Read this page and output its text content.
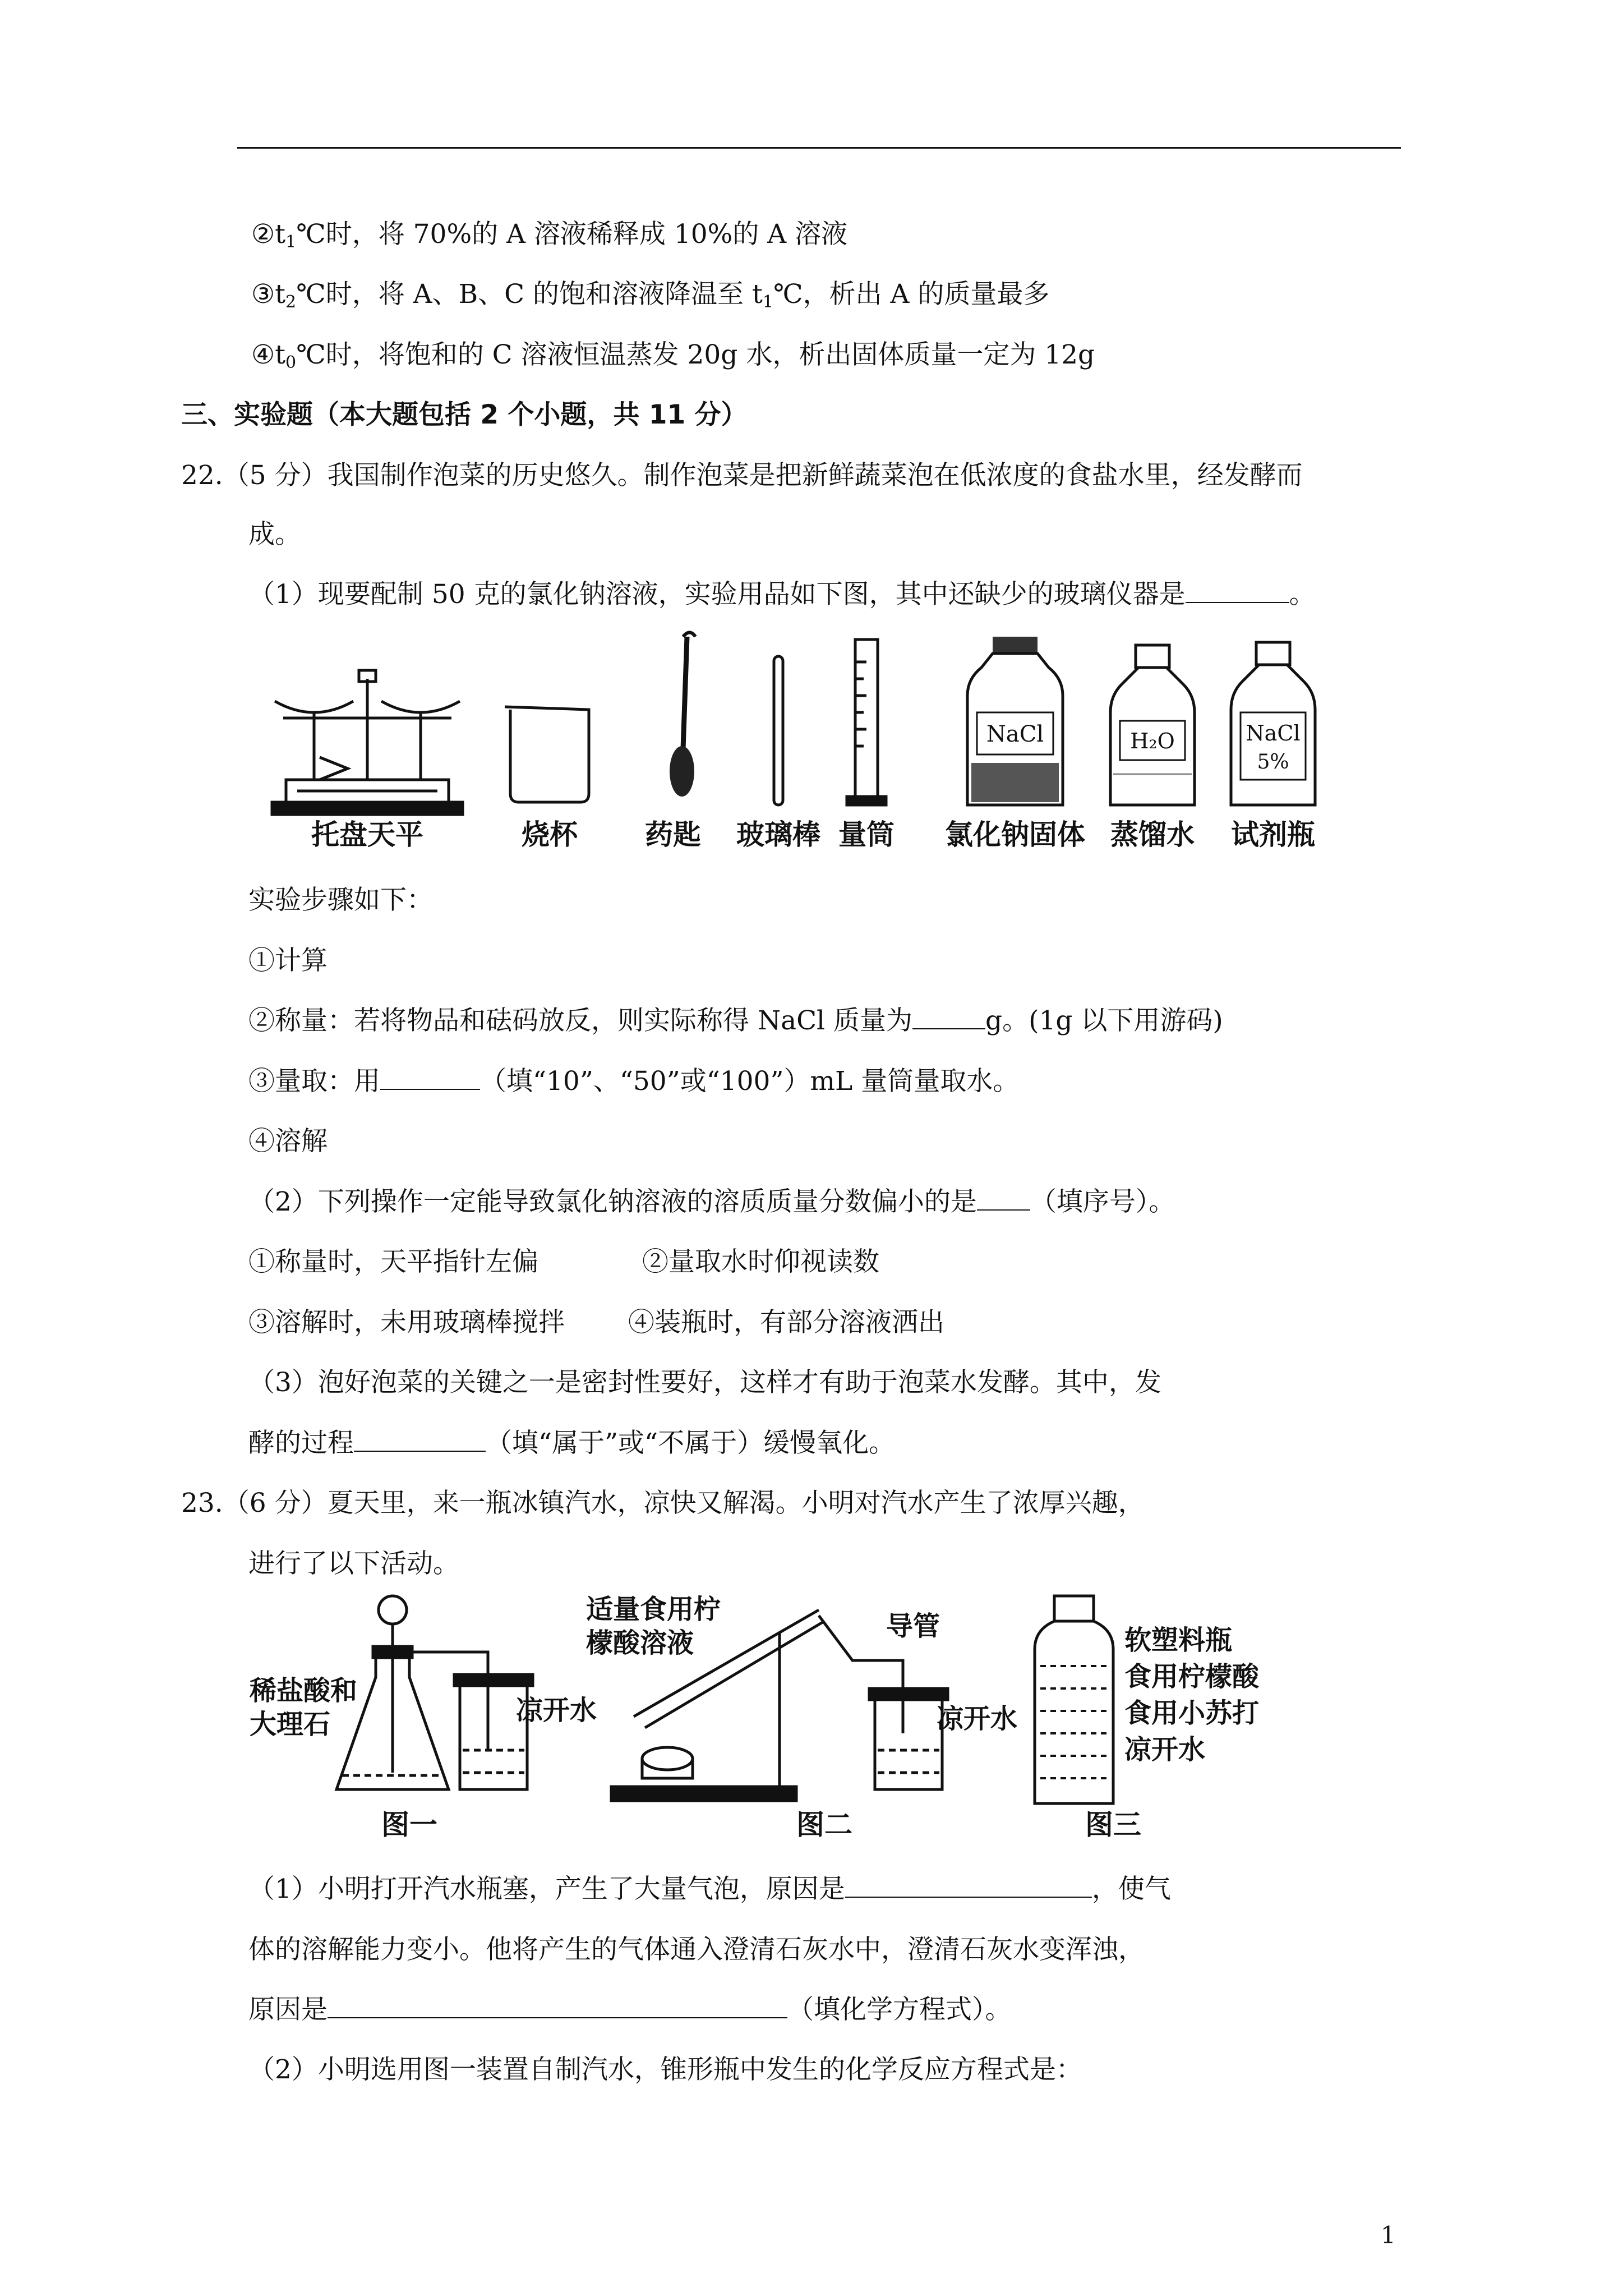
$②t_1℃$时，将 70%的 A 溶液稀释成 10%的 A 溶液
$③t_2℃$时，将 A、B、C 的饱和溶液降温至 $t_1℃$，析出 A 的质量最多
$④t_0℃$时，将饱和的 C 溶液恒温蒸发 20g 水，析出固体质量一定为 12g
三、实验题（本大题包括 2 个小题，共 11 分）
22.（5 分）我国制作泡菜的历史悠久。制作泡菜是把新鲜蔬菜泡在低浓度的食盐水里，经发酵而
成。
（1）现要配制 50 克的氯化钠溶液，实验用品如下图，其中还缺少的玻璃仪器是	。
NaCl	H₂O	NaCl
5%
托盘天平	烧杯 药匙 玻璃棒 量筒 氯化钠固体 蒸馏水 试剂瓶
实验步骤如下：
①计算
②称量：若将物品和砝码放反，则实际称得 NaCl 质量为	g。(1g 以下用游码)
③量取：用	（填“10”、“50”或“100”）mL 量筒量取水。
④溶解
（2）下列操作一定能导致氯化钠溶液的溶质质量分数偏小的是 （填序号）。
①称量时，天平指针左偏	②量取水时仰视读数
③溶解时，未用玻璃棒搅拌 ④装瓶时，有部分溶液洒出
（3）泡好泡菜的关键之一是密封性要好，这样才有助于泡菜水发酵。其中，发
酵的过程	（填“属于”或“不属于）缓慢氧化。
23.（6 分）夏天里，来一瓶冰镇汽水，凉快又解渴。小明对汽水产生了浓厚兴趣，
进行了以下活动。
稀盐酸和
大理石	凉开水
图一
适量食用柠
檬酸溶液
导管
凉开水
图二
软塑料瓶
食用柠檬酸
食用小苏打
凉开水
图三
（1）小明打开汽水瓶塞，产生了大量气泡，原因是	，使气
体的溶解能力变小。他将产生的气体通入澄清石灰水中，澄清石灰水变浑浊，
原因是	（填化学方程式）。
（2）小明选用图一装置自制汽水，锥形瓶中发生的化学反应方程式是：
1
